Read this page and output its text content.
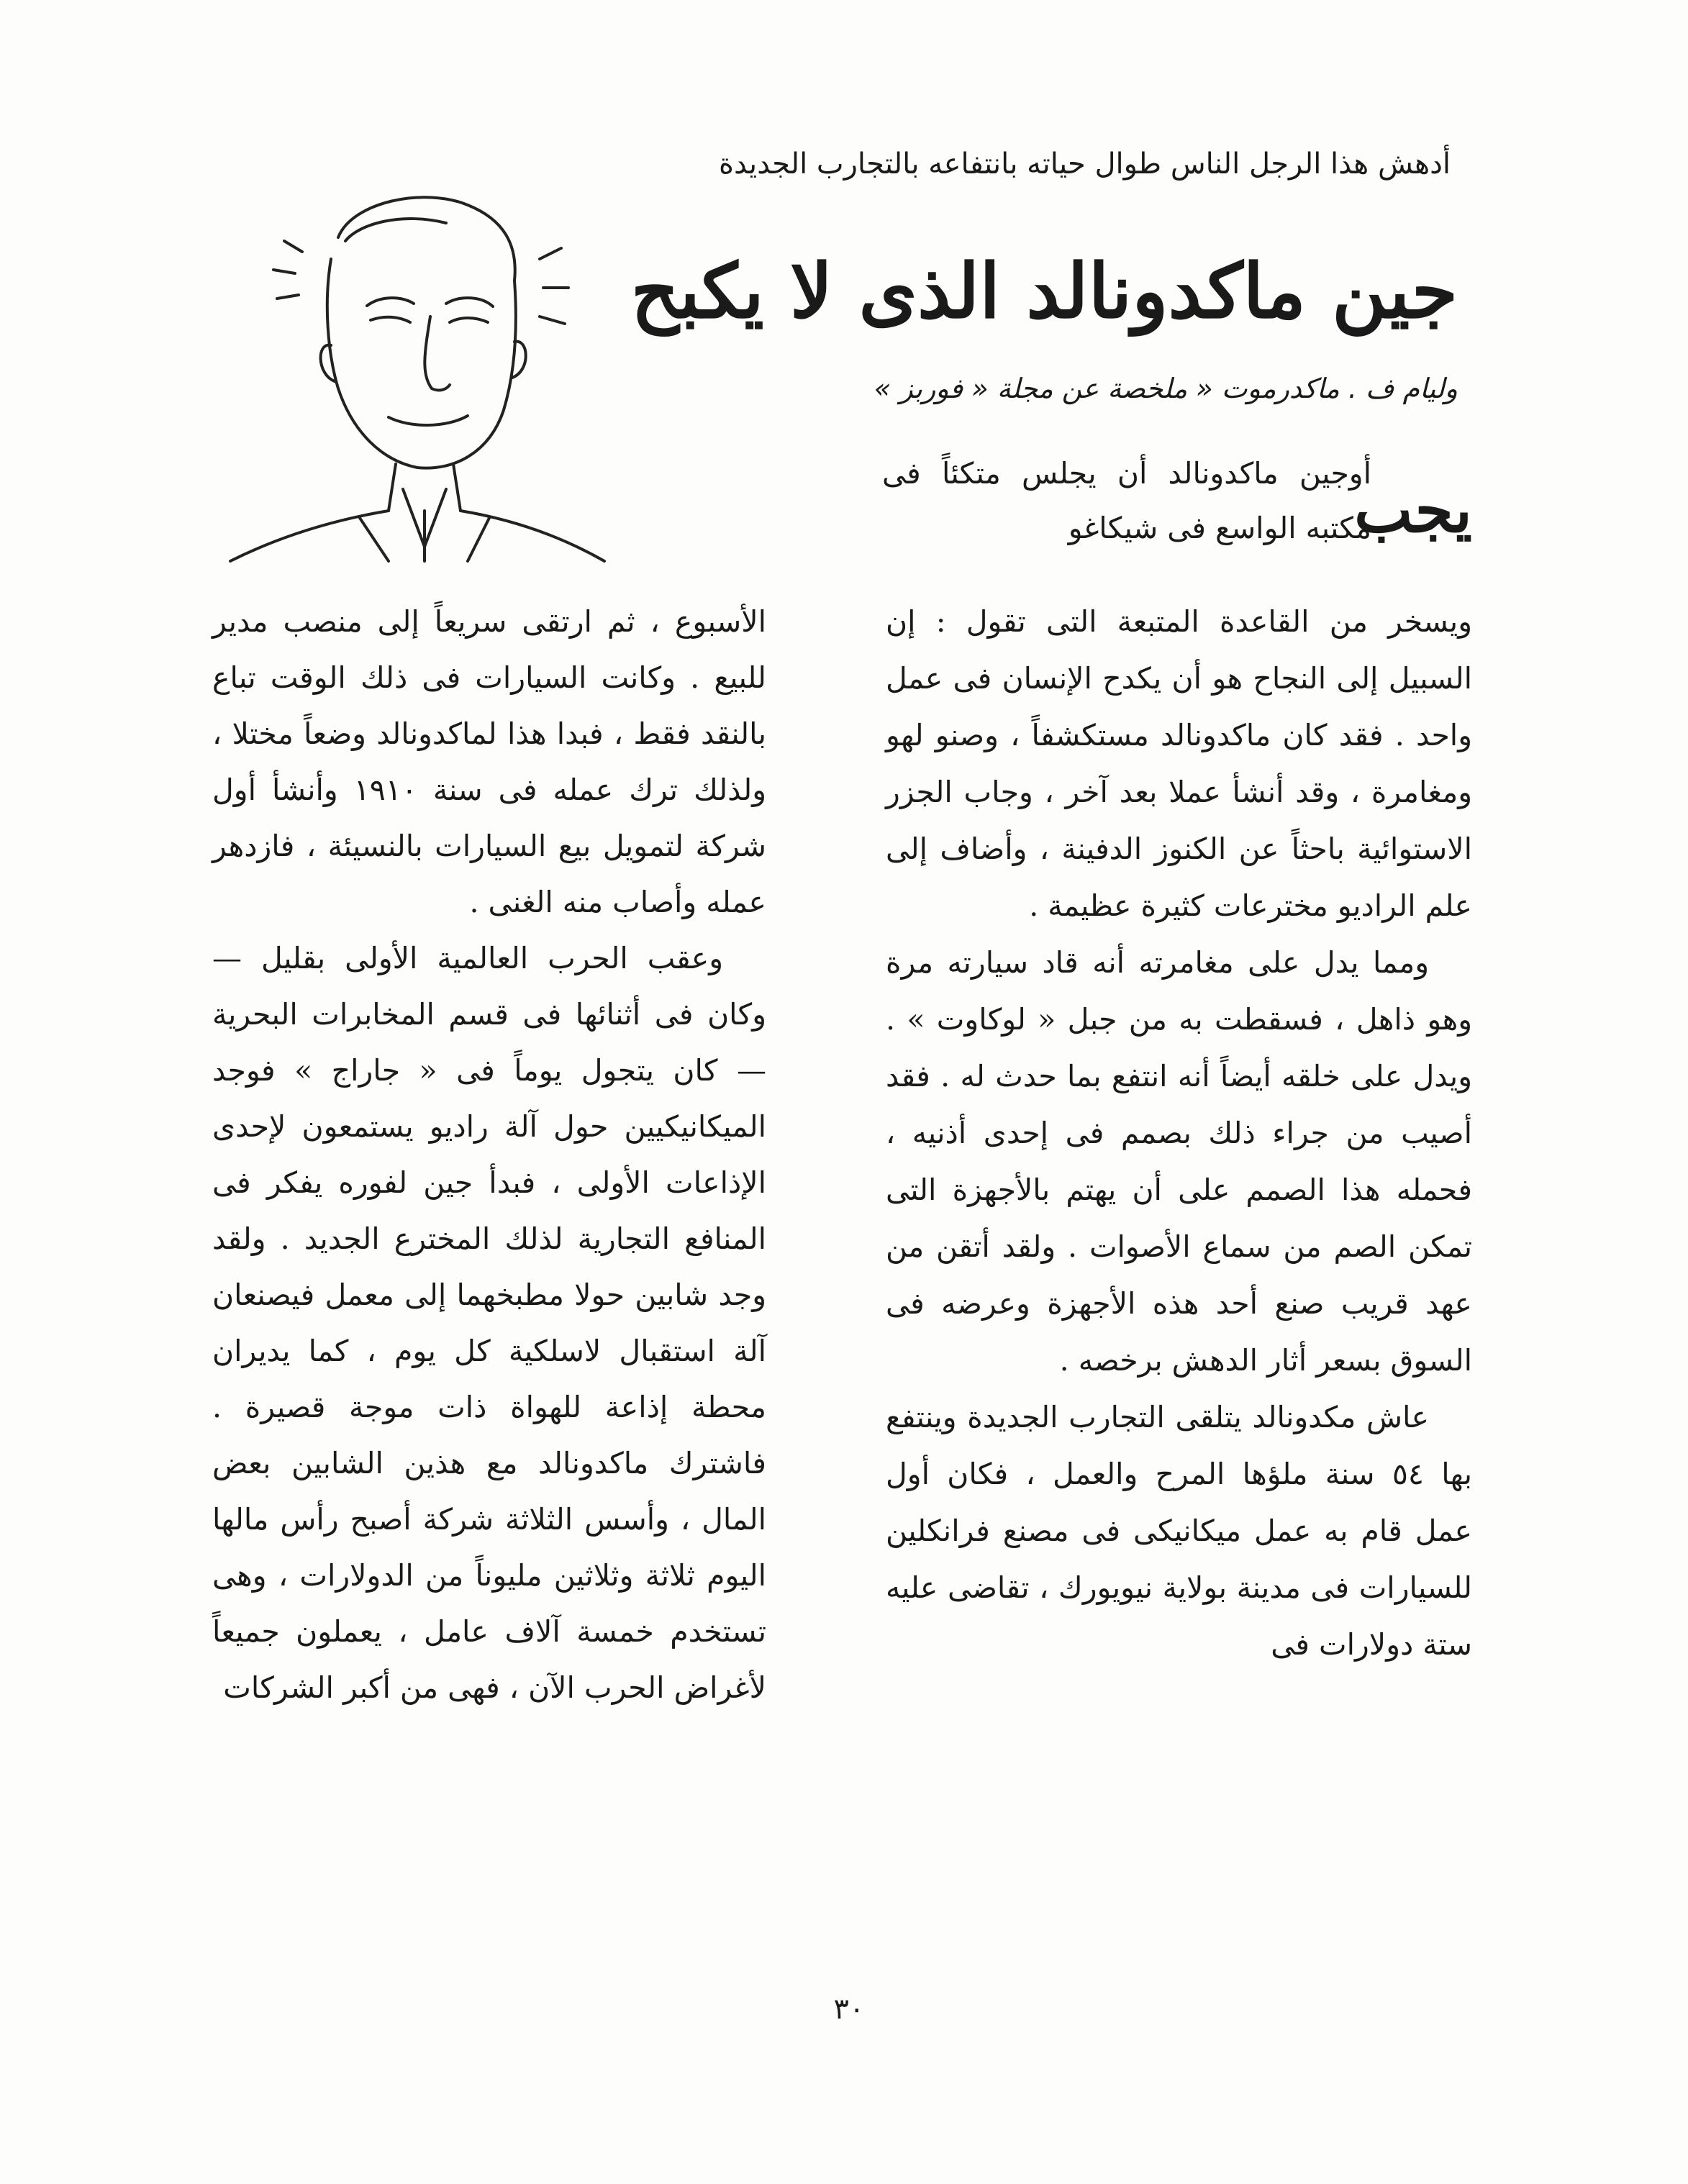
أدهش هذا الرجل الناس طوال حياته بانتفاعه بالتجارب الجديدة
جين ماكدونالد الذى لا يكبح
وليام ف . ماكدرموت « ملخصة عن مجلة « فوربز »
يجب
أوجين ماكدونالد أن يجلس متكئاً فى مكتبه الواسع فى شيكاغو

ويسخر من القاعدة المتبعة التى تقول : إن السبيل إلى النجاح هو أن يكدح الإنسان فى عمل واحد . فقد كان ماكدونالد مستكشفاً ، وصنو لهو ومغامرة ، وقد أنشأ عملا بعد آخر ، وجاب الجزر الاستوائية باحثاً عن الكنوز الدفينة ، وأضاف إلى علم الراديو مخترعات كثيرة عظيمة .

ومما يدل على مغامرته أنه قاد سيارته مرة وهو ذاهل ، فسقطت به من جبل « لوكاوت » . ويدل على خلقه أيضاً أنه انتفع بما حدث له . فقد أصيب من جراء ذلك بصمم فى إحدى أذنيه ، فحمله هذا الصمم على أن يهتم بالأجهزة التى تمكن الصم من سماع الأصوات . ولقد أتقن من عهد قريب صنع أحد هذه الأجهزة وعرضه فى السوق بسعر أثار الدهش برخصه .

عاش مكدونالد يتلقى التجارب الجديدة وينتفع بها ٥٤ سنة ملؤها المرح والعمل ، فكان أول عمل قام به عمل ميكانيكى فى مصنع فرانكلين للسيارات فى مدينة بولاية نيويورك ، تقاضى عليه ستة دولارات فى

الأسبوع ، ثم ارتقى سريعاً إلى منصب مدير للبيع . وكانت السيارات فى ذلك الوقت تباع بالنقد فقط ، فبدا هذا لماكدونالد وضعاً مختلا ، ولذلك ترك عمله فى سنة ١٩١٠ وأنشأ أول شركة لتمويل بيع السيارات بالنسيئة ، فازدهر عمله وأصاب منه الغنى .

وعقب الحرب العالمية الأولى بقليل — وكان فى أثنائها فى قسم المخابرات البحرية — كان يتجول يوماً فى « جاراج » فوجد الميكانيكيين حول آلة راديو يستمعون لإحدى الإذاعات الأولى ، فبدأ جين لفوره يفكر فى المنافع التجارية لذلك المخترع الجديد . ولقد وجد شابين حولا مطبخهما إلى معمل فيصنعان آلة استقبال لاسلكية كل يوم ، كما يديران محطة إذاعة للهواة ذات موجة قصيرة . فاشترك ماكدونالد مع هذين الشابين بعض المال ، وأسس الثلاثة شركة أصبح رأس مالها اليوم ثلاثة وثلاثين مليوناً من الدولارات ، وهى تستخدم خمسة آلاف عامل ، يعملون جميعاً لأغراض الحرب الآن ، فهى من أكبر الشركات

٣٠
